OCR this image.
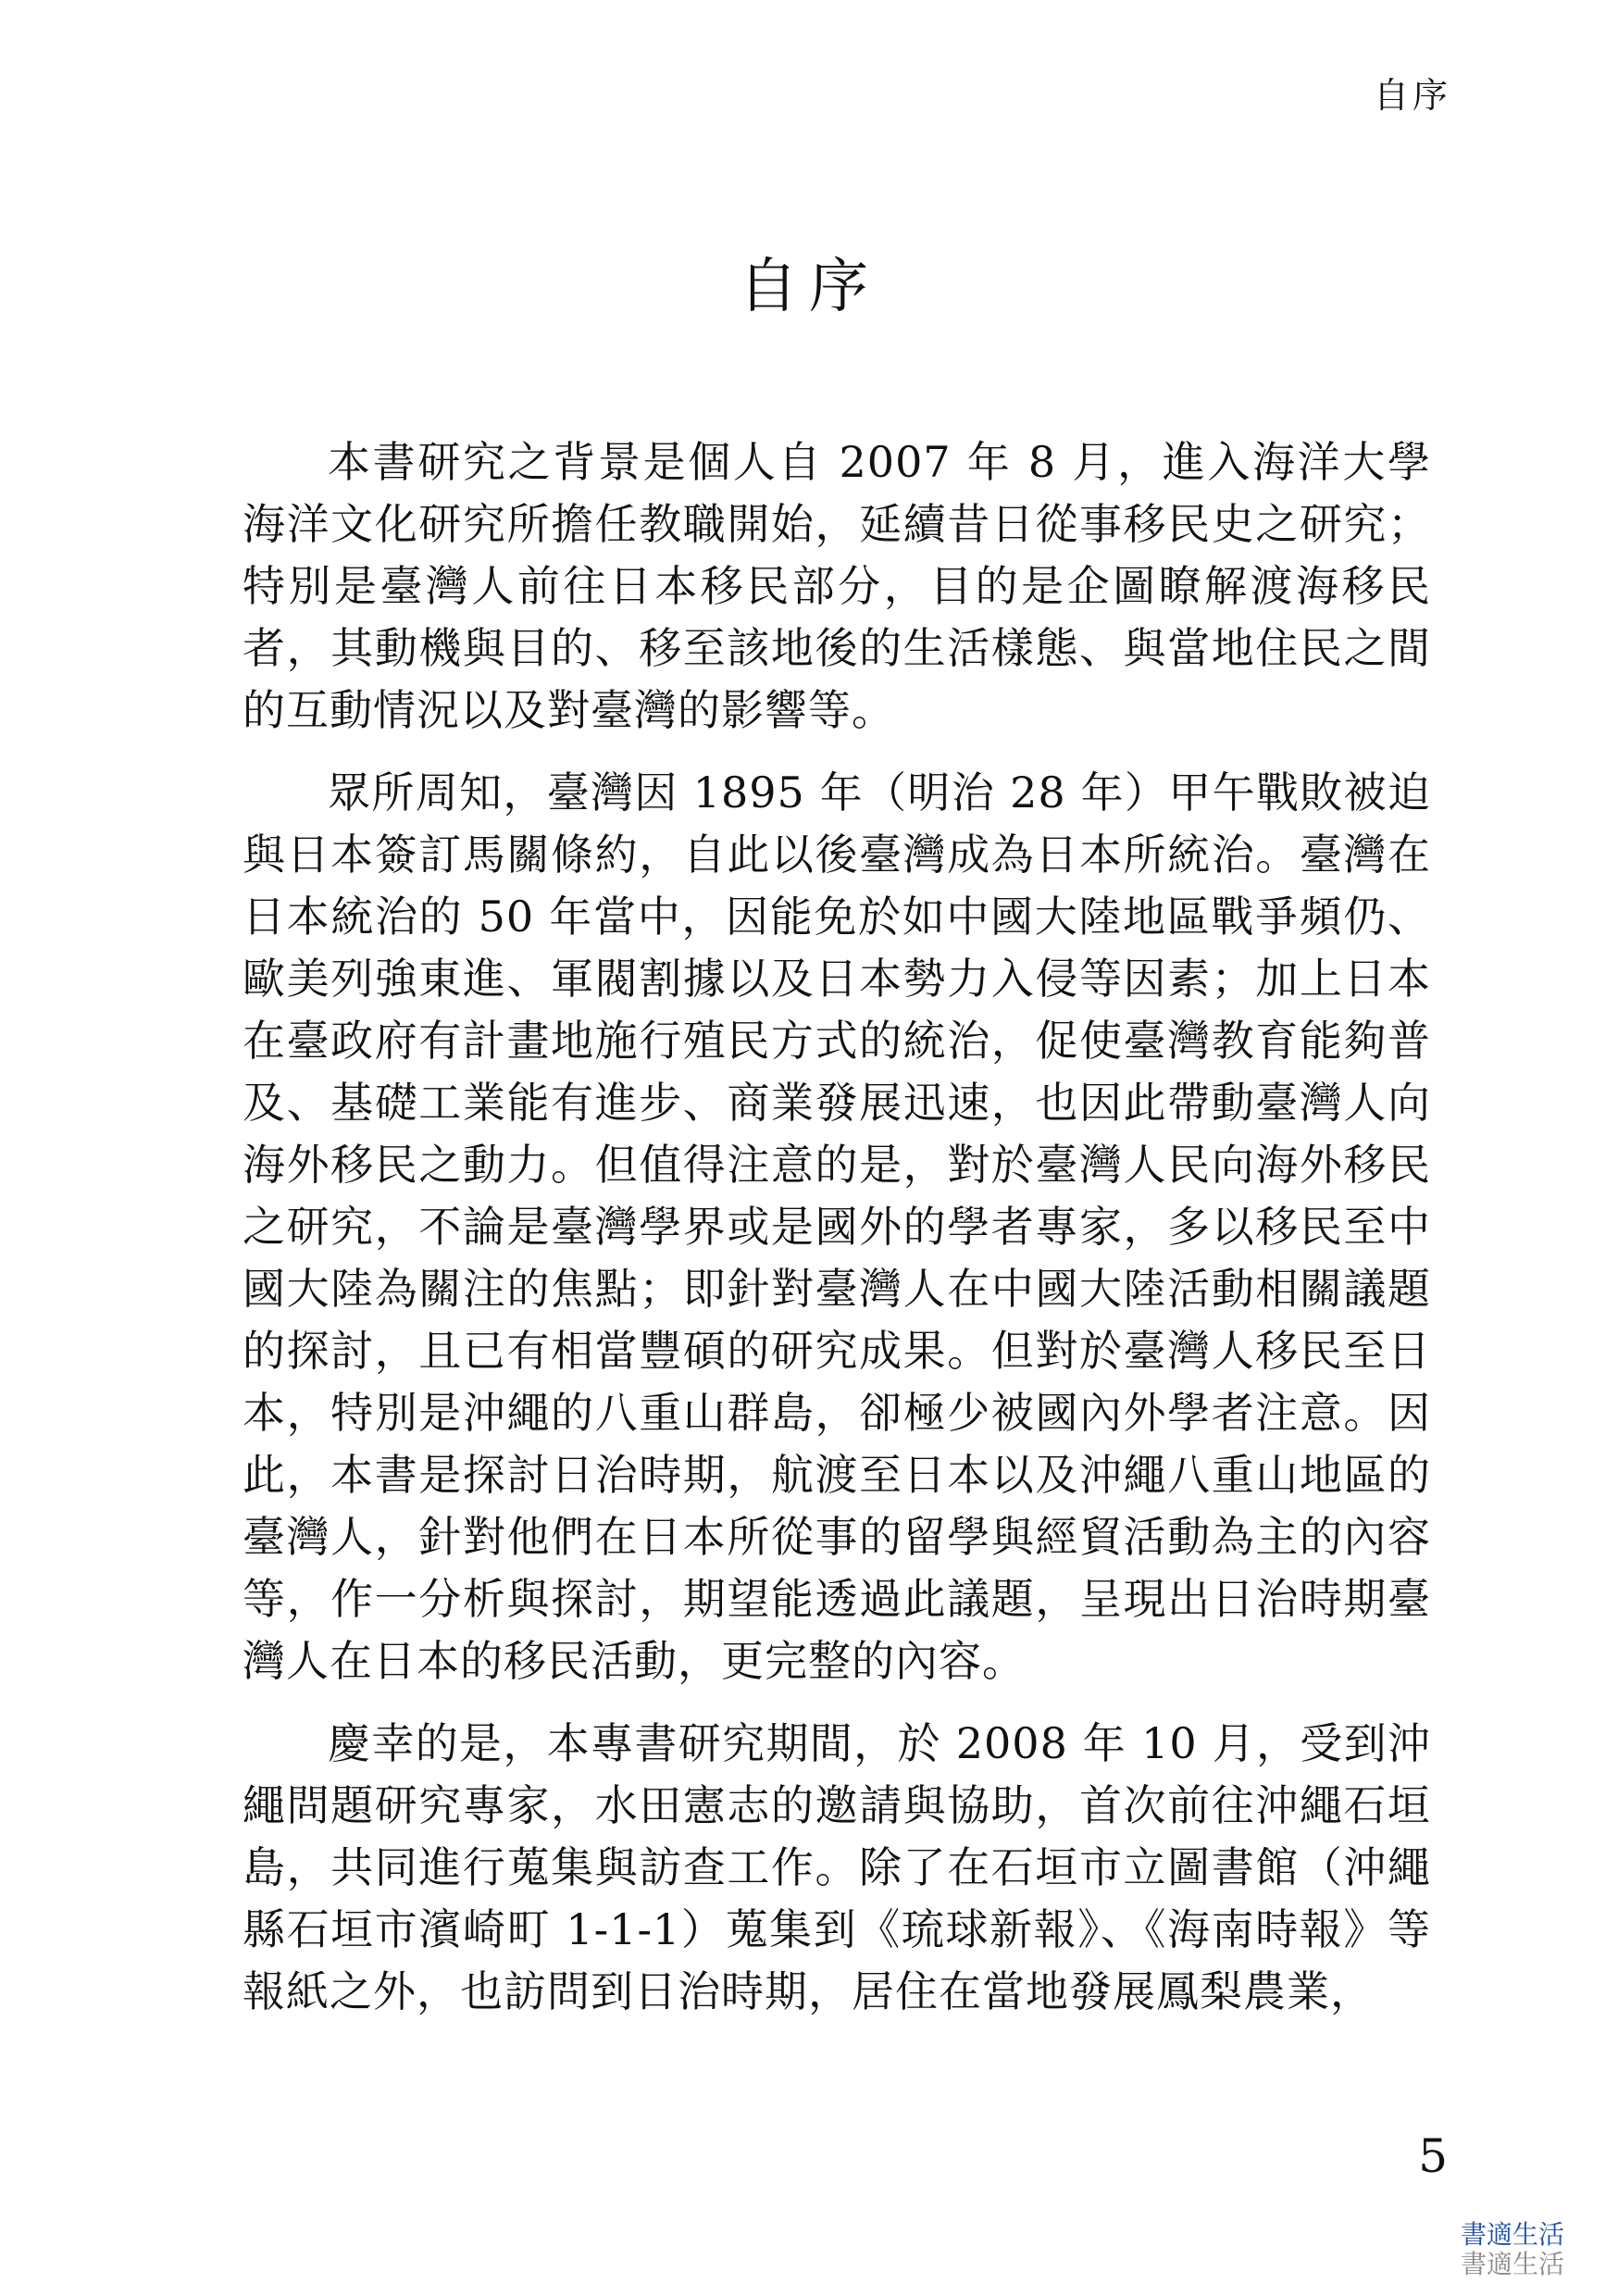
自序
自序

本書研究之背景是個人自 2007 年 8 月，進入海洋大學海洋文化研究所擔任教職開始，延續昔日從事移民史之研究；特別是臺灣人前往日本移民部分，目的是企圖瞭解渡海移民者，其動機與目的、移至該地後的生活樣態、與當地住民之間的互動情況以及對臺灣的影響等。

眾所周知，臺灣因 1895 年（明治 28 年）甲午戰敗被迫與日本簽訂馬關條約，自此以後臺灣成為日本所統治。臺灣在日本統治的 50 年當中，因能免於如中國大陸地區戰爭頻仍、歐美列強東進、軍閥割據以及日本勢力入侵等因素；加上日本在臺政府有計畫地施行殖民方式的統治，促使臺灣教育能夠普及、基礎工業能有進步、商業發展迅速，也因此帶動臺灣人向海外移民之動力。但值得注意的是，對於臺灣人民向海外移民之研究，不論是臺灣學界或是國外的學者專家，多以移民至中國大陸為關注的焦點；即針對臺灣人在中國大陸活動相關議題的探討，且已有相當豐碩的研究成果。但對於臺灣人移民至日本，特別是沖繩的八重山群島，卻極少被國內外學者注意。因此，本書是探討日治時期，航渡至日本以及沖繩八重山地區的臺灣人，針對他們在日本所從事的留學與經貿活動為主的內容等，作一分析與探討，期望能透過此議題，呈現出日治時期臺灣人在日本的移民活動，更完整的內容。

慶幸的是，本專書研究期間，於 2008 年 10 月，受到沖繩問題研究專家，水田憲志的邀請與協助，首次前往沖繩石垣島，共同進行蒐集與訪查工作。除了在石垣市立圖書館（沖繩縣石垣市濱崎町 1-1-1）蒐集到《琉球新報》、《海南時報》等報紙之外，也訪問到日治時期，居住在當地發展鳳梨農業，

5
書適生活
書適生活
